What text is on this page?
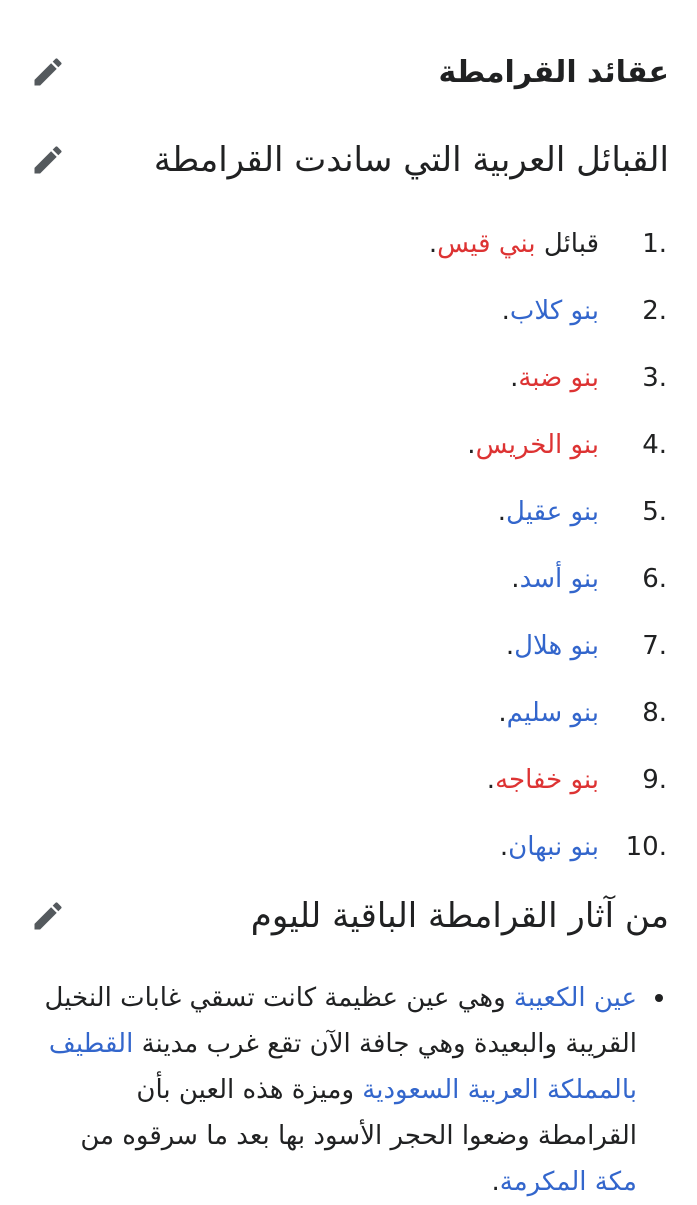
عقائد القرامطة
القبائل العربية التي ساندت القرامطة
1.
قبائل بني قيس.
2.
بنو كلاب.
3.
بنو ضبة.
4.
بنو الخريس.
5.
بنو عقيل.
6.
بنو أسد.
7.
بنو هلال.
8.
بنو سليم.
9.
بنو خفاجه.
10.
بنو نبهان.
من آثار القرامطة الباقية لليوم
عين الكعيبة وهي عين عظيمة كانت تسقي غابات النخيل القريبة والبعيدة وهي جافة الآن تقع غرب مدينة القطيف بالمملكة العربية السعودية وميزة هذه العين بأن القرامطة وضعوا الحجر الأسود بها بعد ما سرقوه من مكة المكرمة.
